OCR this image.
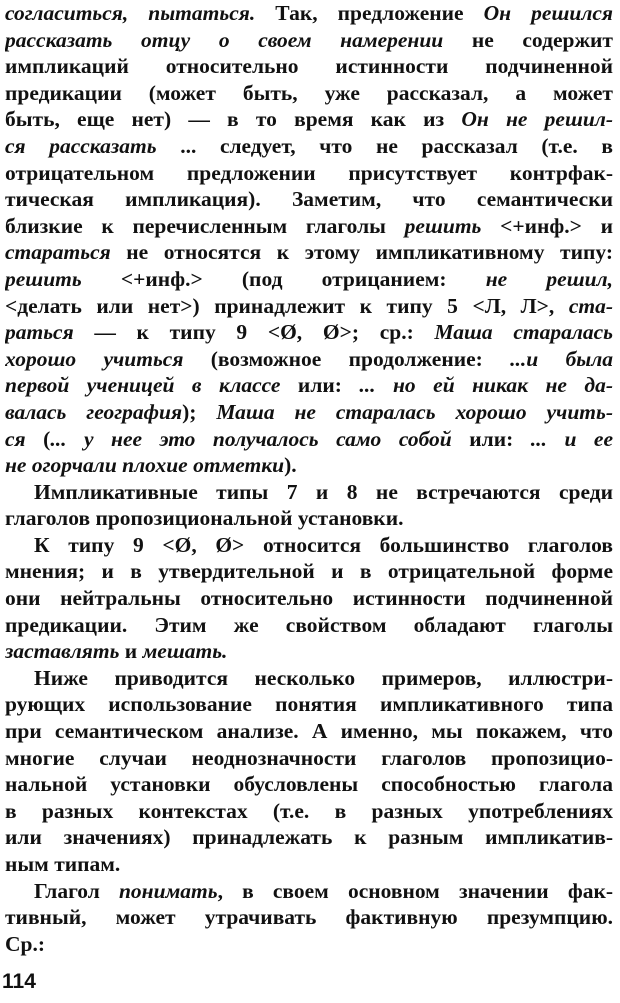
согласиться, пытаться. Так, предложение Он решился
рассказать отцу о своем намерении не содержит
импликаций относительно истинности подчиненной
предикации (может быть, уже рассказал, а может
быть, еще нет) — в то время как из Он не решил-
ся рассказать ... следует, что не рассказал (т.е. в
отрицательном предложении присутствует контрфак-
тическая импликация). Заметим, что семантически
близкие к перечисленным глаголы решить <+инф.> и
стараться не относятся к этому импликативному типу:
решить <+инф.> (под отрицанием: не решил,
<делать или нет>) принадлежит к типу 5 <Л, Л>, ста-
раться — к типу 9 <Ø, Ø>; ср.: Маша старалась
хорошо учиться (возможное продолжение: ...и была
первой ученицей в классе или: ... но ей никак не да-
валась география); Маша не старалась хорошо учить-
ся (... у нее это получалось само собой или: ... и ее
не огорчали плохие отметки).
Импликативные типы 7 и 8 не встречаются среди
глаголов пропозициональной установки.
К типу 9 <Ø, Ø> относится большинство глаголов
мнения; и в утвердительной и в отрицательной форме
они нейтральны относительно истинности подчиненной
предикации. Этим же свойством обладают глаголы
заставлять и мешать.
Ниже приводится несколько примеров, иллюстри-
рующих использование понятия импликативного типа
при семантическом анализе. А именно, мы покажем, что
многие случаи неоднозначности глаголов пропозицио-
нальной установки обусловлены способностью глагола
в разных контекстах (т.е. в разных употреблениях
или значениях) принадлежать к разным импликатив-
ным типам.
Глагол понимать, в своем основном значении фак-
тивный, может утрачивать фактивную презумпцию.
Ср.:
114
